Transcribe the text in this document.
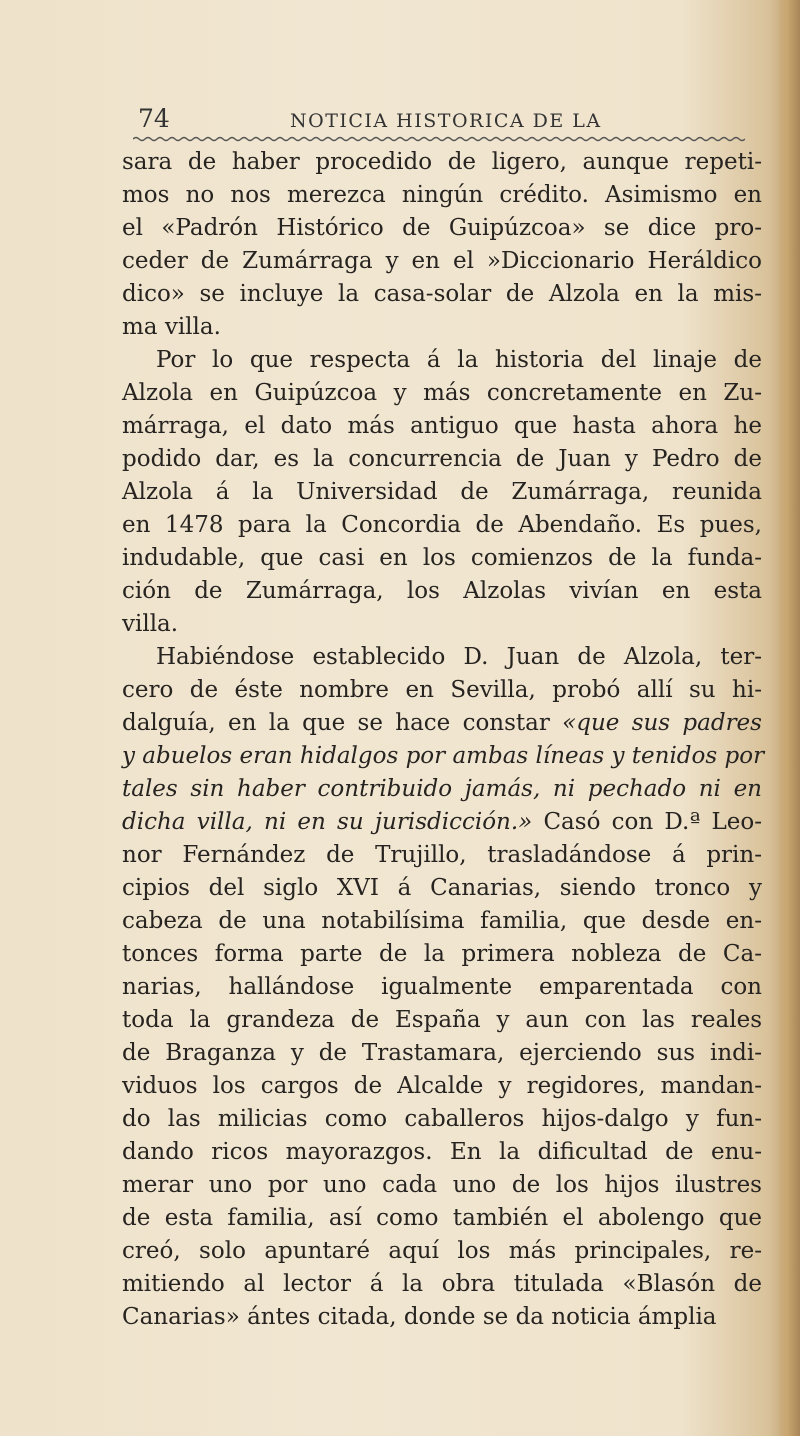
74	NOTICIA HISTORICA DE LA
sara de haber procedido de ligero, aunque repeti-
mos no nos merezca ningún crédito. Asimismo en
el «Padrón Histórico de Guipúzcoa» se dice pro-
ceder de Zumárraga y en el »Diccionario Heráldico
dico» se incluye la casa-solar de Alzola en la mis-
ma villa.
Por lo que respecta á la historia del linaje de
Alzola en Guipúzcoa y más concretamente en Zu-
márraga, el dato más antiguo que hasta ahora he
podido dar, es la concurrencia de Juan y Pedro de
Alzola á la Universidad de Zumárraga, reunida
en 1478 para la Concordia de Abendaño. Es pues,
indudable, que casi en los comienzos de la funda-
ción de Zumárraga, los Alzolas vivían en esta
villa.
Habiéndose establecido D. Juan de Alzola, ter-
cero de éste nombre en Sevilla, probó allí su hi-
dalguía, en la que se hace constar «que sus padres
y abuelos eran hidalgos por ambas líneas y tenidos por
tales sin haber contribuido jamás, ni pechado ni en
dicha villa, ni en su jurisdicción.» Casó con D.ª Leo-
nor Fernández de Trujillo, trasladándose á prin-
cipios del siglo XVI á Canarias, siendo tronco y
cabeza de una notabilísima familia, que desde en-
tonces forma parte de la primera nobleza de Ca-
narias, hallándose igualmente emparentada con
toda la grandeza de España y aun con las reales
de Braganza y de Trastamara, ejerciendo sus indi-
viduos los cargos de Alcalde y regidores, mandan-
do las milicias como caballeros hijos-dalgo y fun-
dando ricos mayorazgos. En la dificultad de enu-
merar uno por uno cada uno de los hijos ilustres
de esta familia, así como también el abolengo que
creó, solo apuntaré aquí los más principales, re-
mitiendo al lector á la obra titulada «Blasón de
Canarias» ántes citada, donde se da noticia ámplia
